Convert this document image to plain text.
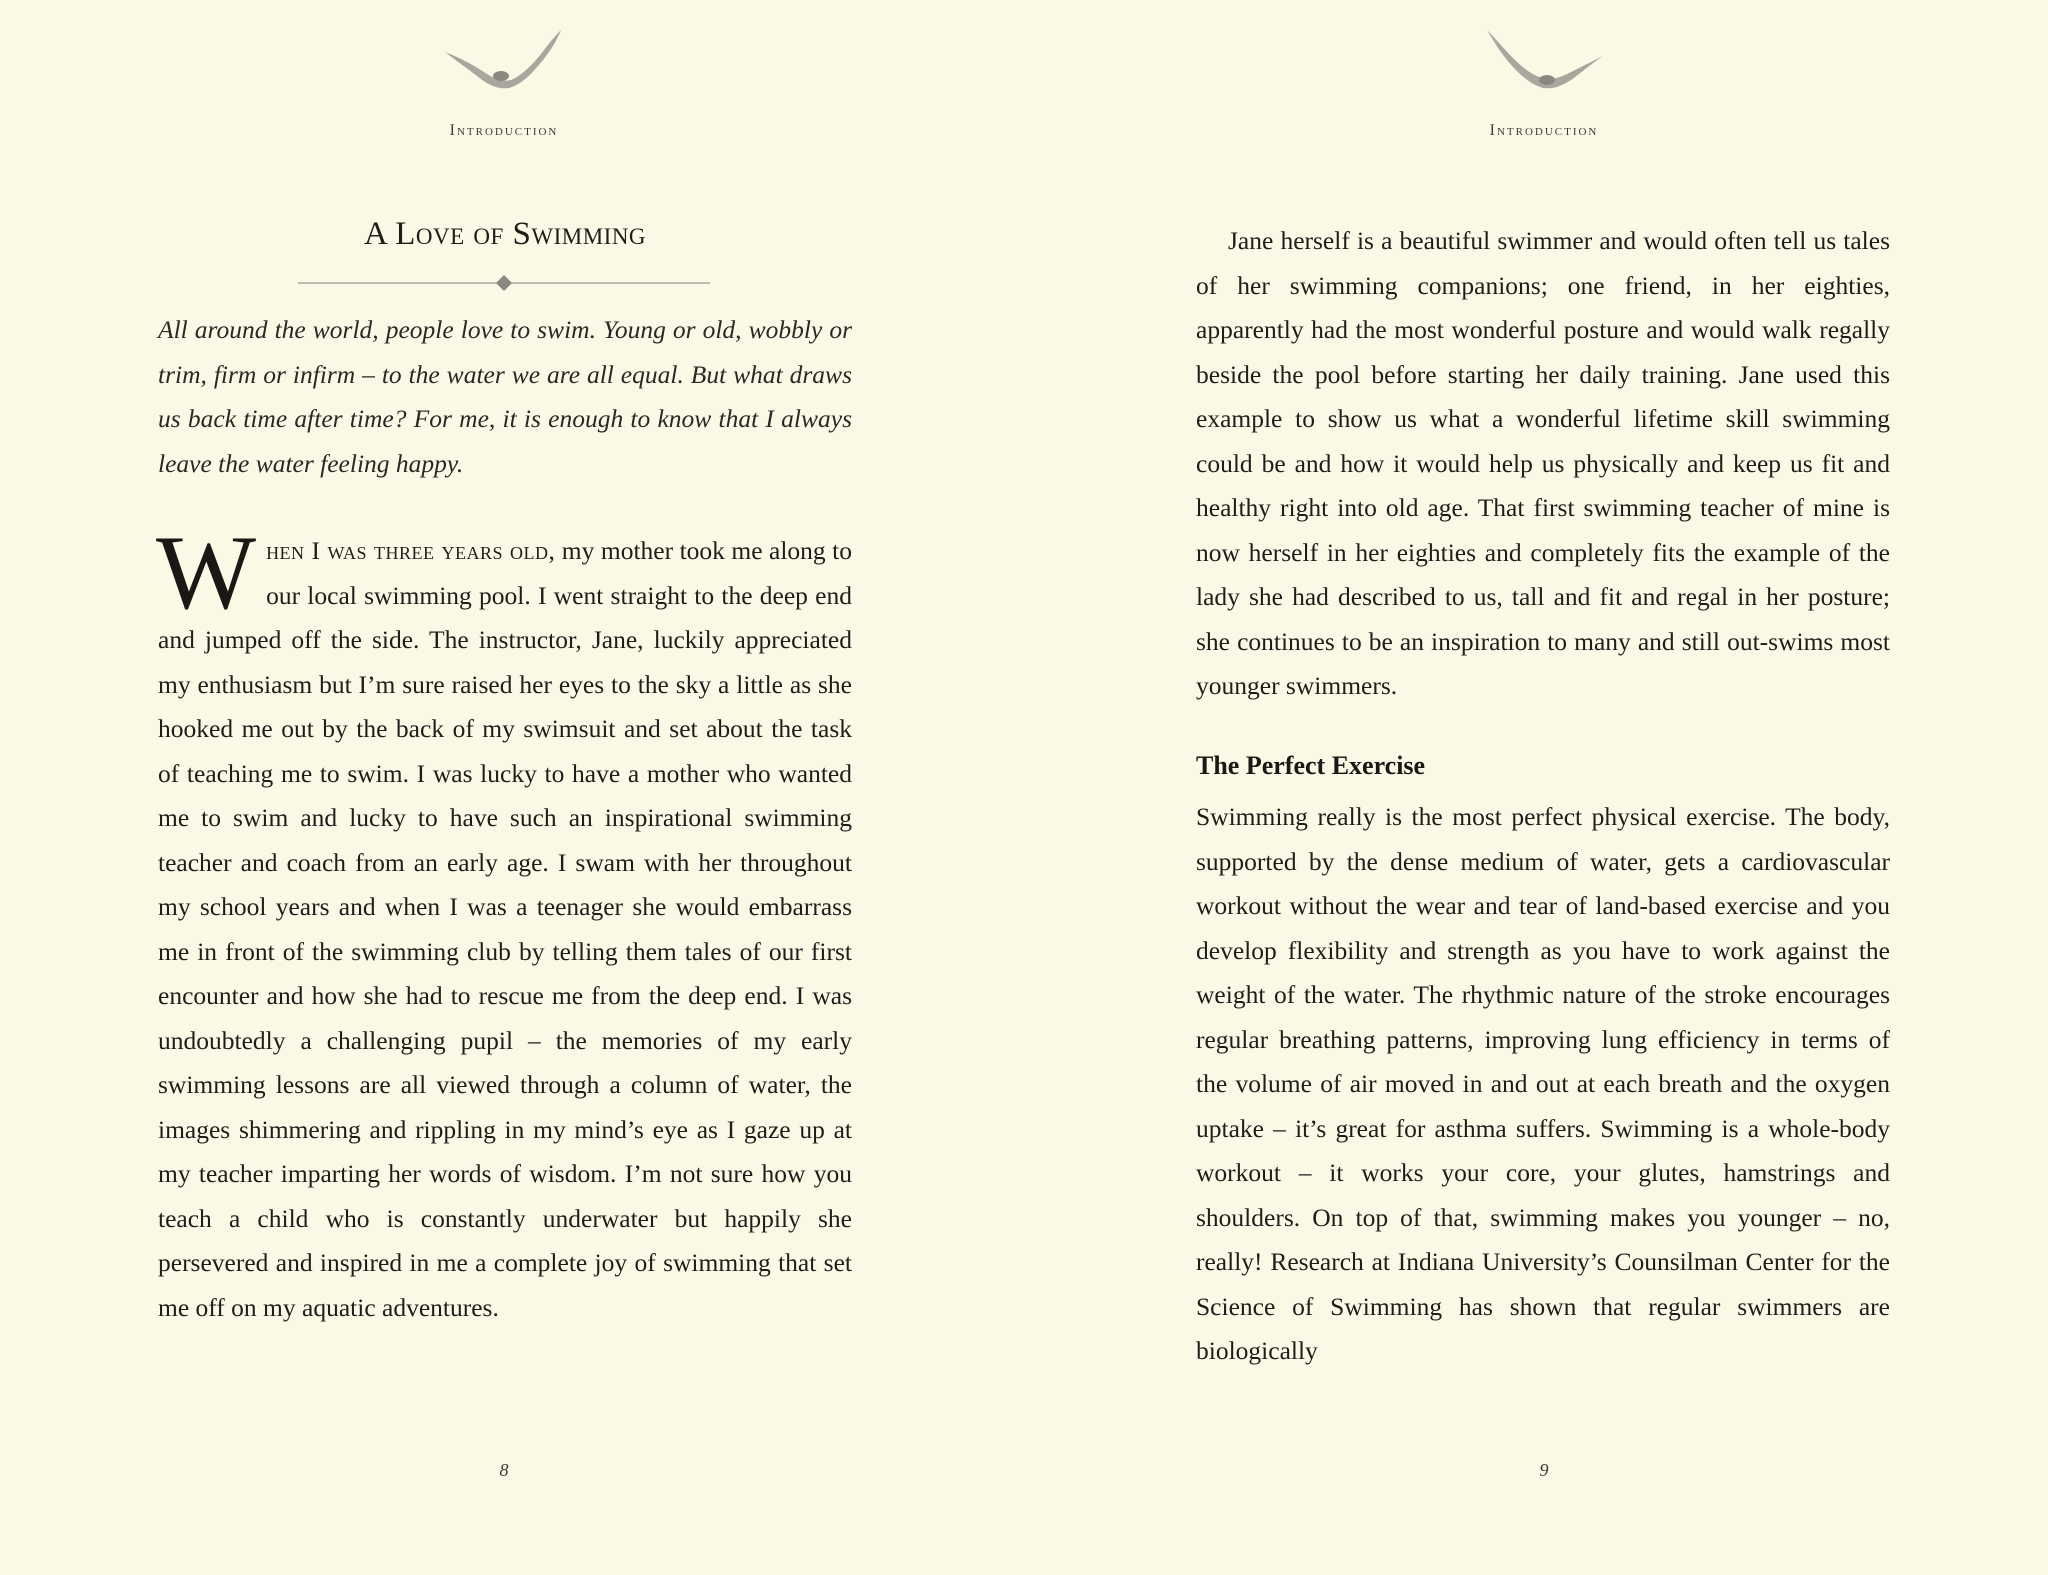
Introduction
A Love of Swimming
All around the world, people love to swim. Young or old, wobbly or trim, firm or infirm – to the water we are all equal. But what draws us back time after time? For me, it is enough to know that I always leave the water feeling happy.
When I was three years old, my mother took me along to our local swimming pool. I went straight to the deep end and jumped off the side. The instructor, Jane, luckily appreciated my enthusiasm but I’m sure raised her eyes to the sky a little as she hooked me out by the back of my swimsuit and set about the task of teaching me to swim. I was lucky to have a mother who wanted me to swim and lucky to have such an inspirational swimming teacher and coach from an early age. I swam with her throughout my school years and when I was a teenager she would embarrass me in front of the swimming club by telling them tales of our first encounter and how she had to rescue me from the deep end. I was undoubtedly a challenging pupil – the memories of my early swimming lessons are all viewed through a column of water, the images shimmering and rippling in my mind’s eye as I gaze up at my teacher imparting her words of wisdom. I’m not sure how you teach a child who is constantly underwater but happily she persevered and inspired in me a complete joy of swimming that set me off on my aquatic adventures.
8
Introduction
Jane herself is a beautiful swimmer and would often tell us tales of her swimming companions; one friend, in her eighties, apparently had the most wonderful posture and would walk regally beside the pool before starting her daily training. Jane used this example to show us what a wonderful lifetime skill swimming could be and how it would help us physically and keep us fit and healthy right into old age. That first swimming teacher of mine is now herself in her eighties and completely fits the example of the lady she had described to us, tall and fit and regal in her posture; she continues to be an inspiration to many and still out-swims most younger swimmers.
The Perfect Exercise
Swimming really is the most perfect physical exercise. The body, supported by the dense medium of water, gets a cardiovascular workout without the wear and tear of land-based exercise and you develop flexibility and strength as you have to work against the weight of the water. The rhythmic nature of the stroke encourages regular breathing patterns, improving lung efficiency in terms of the volume of air moved in and out at each breath and the oxygen uptake – it’s great for asthma suffers. Swimming is a whole-body workout – it works your core, your glutes, hamstrings and shoulders. On top of that, swimming makes you younger – no, really! Research at Indiana University’s Counsilman Center for the Science of Swimming has shown that regular swimmers are biologically
9
